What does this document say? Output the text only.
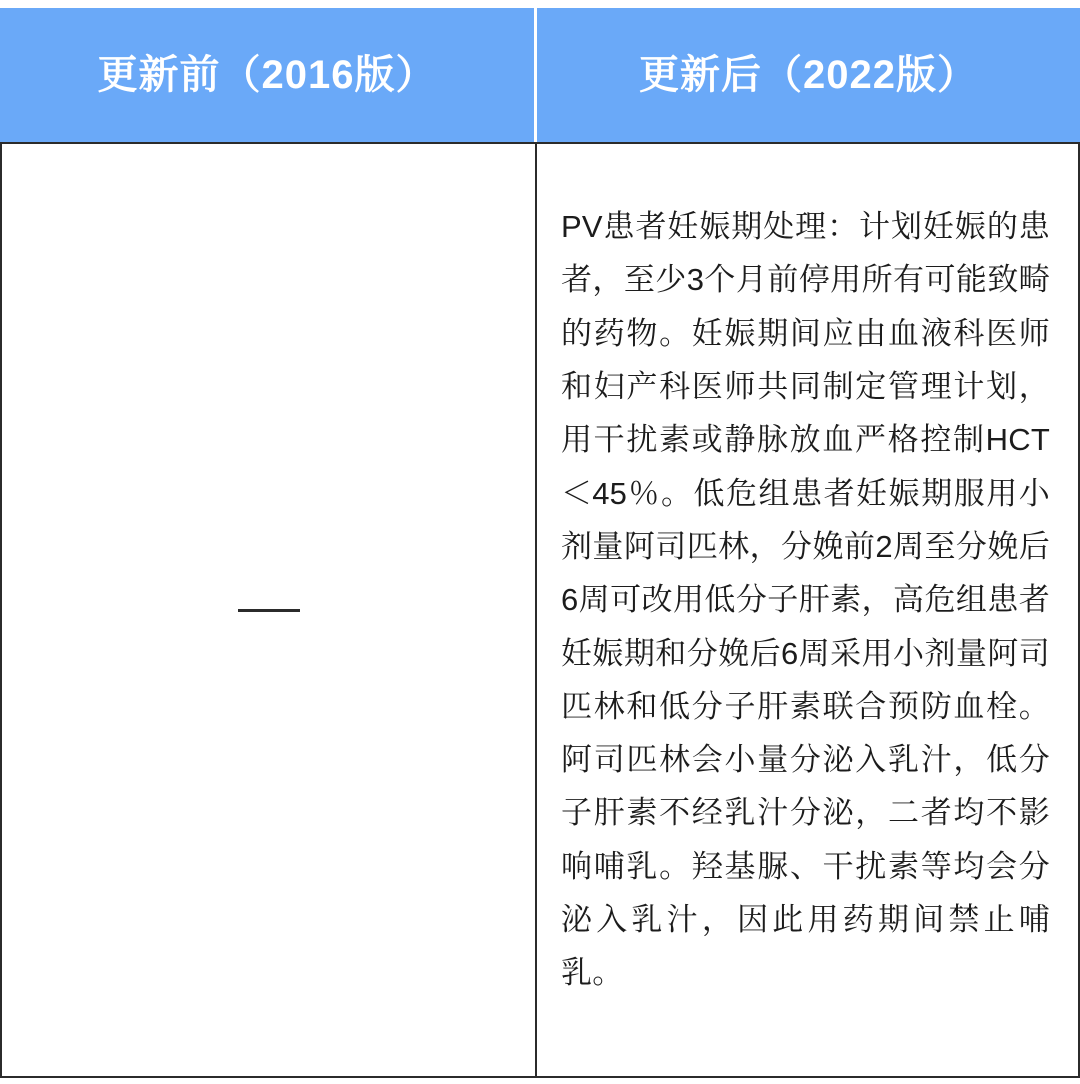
更新前（2016版）	更新后（2022版）
PV患者妊娠期处理：计划妊娠的患者，至少3个月前停用所有可能致畸的药物。妊娠期间应由血液科医师和妇产科医师共同制定管理计划，用干扰素或静脉放血严格控制HCT＜45％。低危组患者妊娠期服用小剂量阿司匹林，分娩前2周至分娩后6周可改用低分子肝素，高危组患者妊娠期和分娩后6周采用小剂量阿司匹林和低分子肝素联合预防血栓。阿司匹林会小量分泌入乳汁，低分子肝素不经乳汁分泌，二者均不影响哺乳。羟基脲、干扰素等均会分泌入乳汁，因此用药期间禁止哺乳。
